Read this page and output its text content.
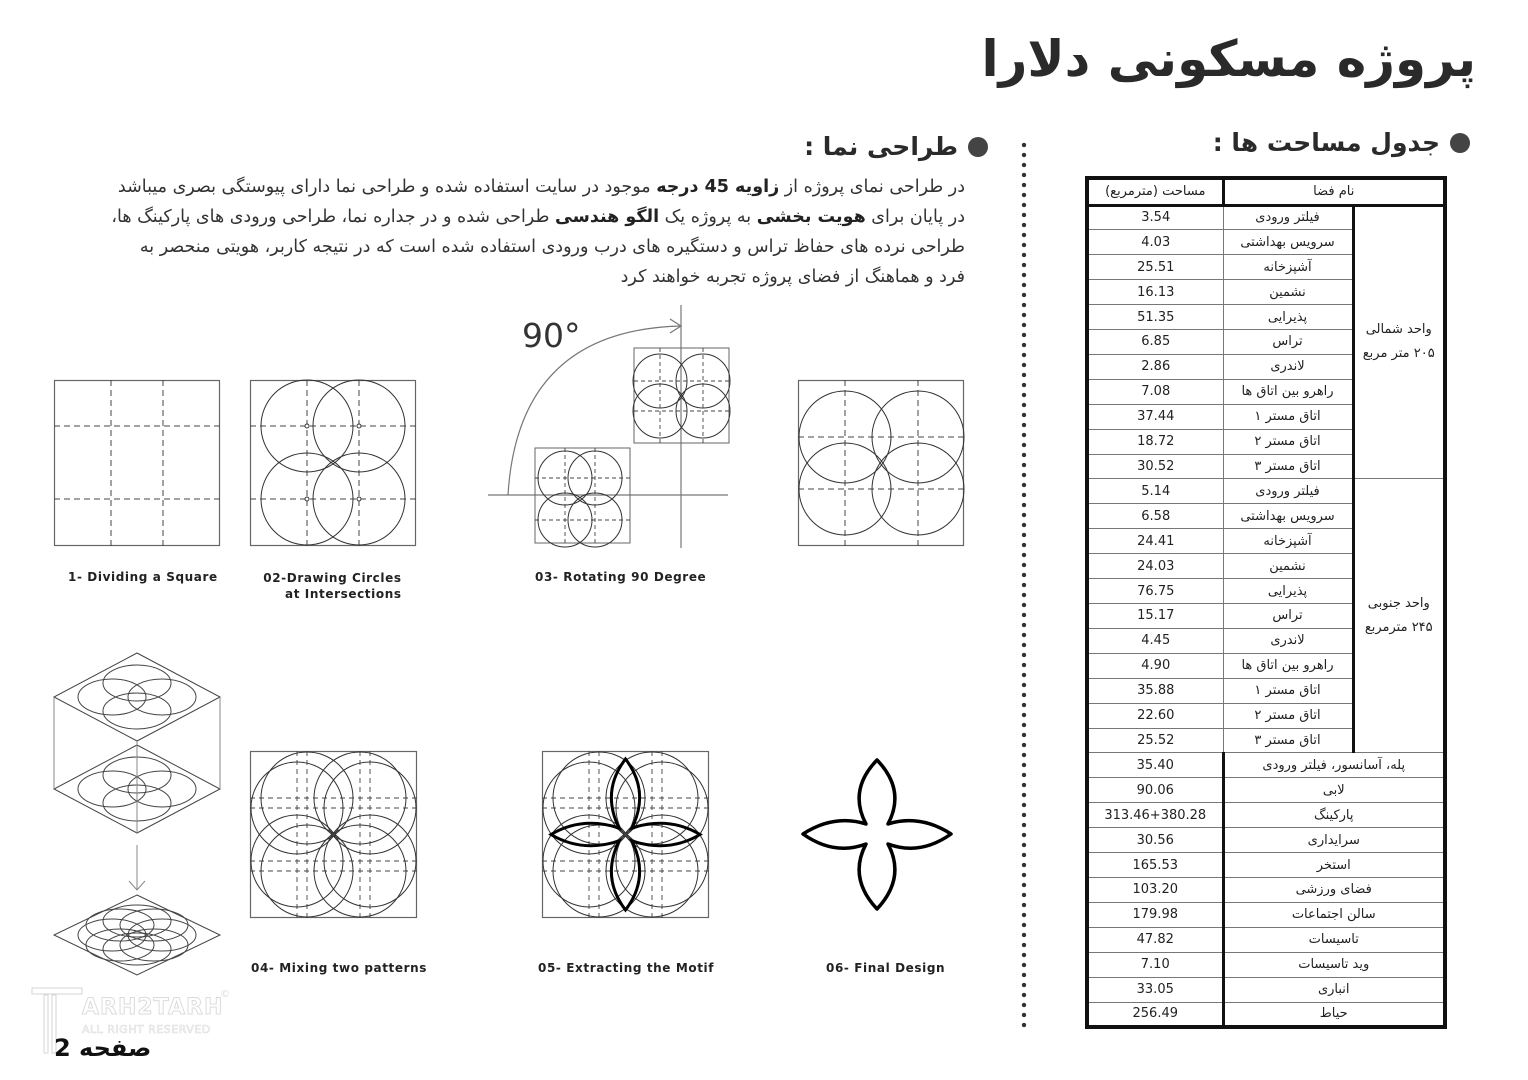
پروژه مسکونی دلارا
جدول مساحت ها :
طراحی نما :
در طراحی نمای پروژه از زاویه 45 درجه موجود در سایت استفاده شده و طراحی نما دارای پیوستگی بصری میباشد
در پایان برای هویت بخشی به پروژه یک الگو هندسی طراحی شده و در جداره نما، طراحی ورودی های پارکینگ ها،
طراحی نرده های حفاظ تراس و دستگیره های درب ورودی استفاده شده است که در نتیجه کاربر، هویتی منحصر به
فرد و هماهنگ از فضای پروژه تجربه خواهند کرد
نام فضا		مساحت (مترمربع)

واحد شمالی
۲۰۵ متر مربع	فیلتر ورودی	3.54
	سرویس بهداشتی	4.03
	آشپزخانه	25.51
	نشمین	16.13
	پذیرایی	51.35
	تراس	6.85
	لاندری	2.86
	راهرو بین اتاق ها	7.08
	اتاق مستر ۱	37.44
	اتاق مستر ۲	18.72
	اتاق مستر ۳	30.52

واحد جنوبی
۲۴۵ مترمربع	فیلتر ورودی	5.14
	سرویس بهداشتی	6.58
	آشپزخانه	24.41
	نشمین	24.03
	پذیرایی	76.75
	تراس	15.17
	لاندری	4.45
	راهرو بین اتاق ها	4.90
	اتاق مستر ۱	35.88
	اتاق مستر ۲	22.60
	اتاق مستر ۳	25.52
پله، آسانسور، فیلتر ورودی		35.40
لابی		90.06
پارکینگ		313.46+380.28
سرایداری		30.56
استخر		165.53
فضای ورزشی		103.20
سالن اجتماعات		179.98
تاسیسات		47.82
وید تاسیسات		7.10
انباری		33.05
حیاط		256.49
1- Dividing a Square	02-Drawing Circles
at Intersections
90°
03- Rotating 90 Degree
04- Mixing two patterns	05- Extracting the Motif	06- Final Design
ARH2TARH
ALL RIGHT RESERVED
©
صفحه 2
